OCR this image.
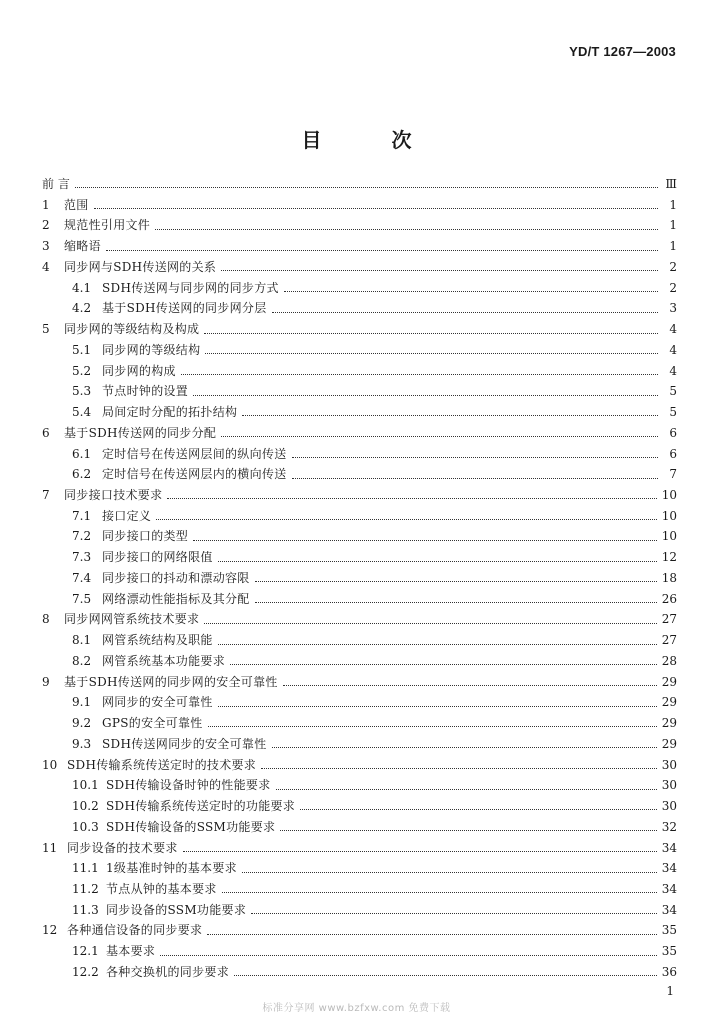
YD/T 1267—2003
目	次
前 言	Ⅲ
1	范围	1
2	规范性引用文件	1
3	缩略语	1
4	同步网与SDH传送网的关系	2
4.1 SDH传送网与同步网的同步方式	2
4.2 基于SDH传送网的同步网分层	3
5	同步网的等级结构及构成	4
5.1 同步网的等级结构	4
5.2 同步网的构成	4
5.3 节点时钟的设置	5
5.4 局间定时分配的拓扑结构	5
6	基于SDH传送网的同步分配	6
6.1 定时信号在传送网层间的纵向传送	6
6.2 定时信号在传送网层内的横向传送	7
7	同步接口技术要求	10
7.1 接口定义	10
7.2 同步接口的类型	10
7.3 同步接口的网络限值	12
7.4 同步接口的抖动和漂动容限	18
7.5 网络漂动性能指标及其分配	26
8	同步网网管系统技术要求	27
8.1 网管系统结构及职能	27
8.2 网管系统基本功能要求	28
9	基于SDH传送网的同步网的安全可靠性	29
9.1 网同步的安全可靠性	29
9.2 GPS的安全可靠性	29
9.3 SDH传送网同步的安全可靠性	29
10 SDH传输系统传送定时的技术要求	30
10.1 SDH传输设备时钟的性能要求	30
10.2 SDH传输系统传送定时的功能要求	30
10.3 SDH传输设备的SSM功能要求	32
11 同步设备的技术要求	34
11.1 1级基准时钟的基本要求	34
11.2 节点从钟的基本要求	34
11.3 同步设备的SSM功能要求	34
12 各种通信设备的同步要求	35
12.1 基本要求	35
12.2 各种交换机的同步要求	36
1
标准分享网 www.bzfxw.com 免费下载
